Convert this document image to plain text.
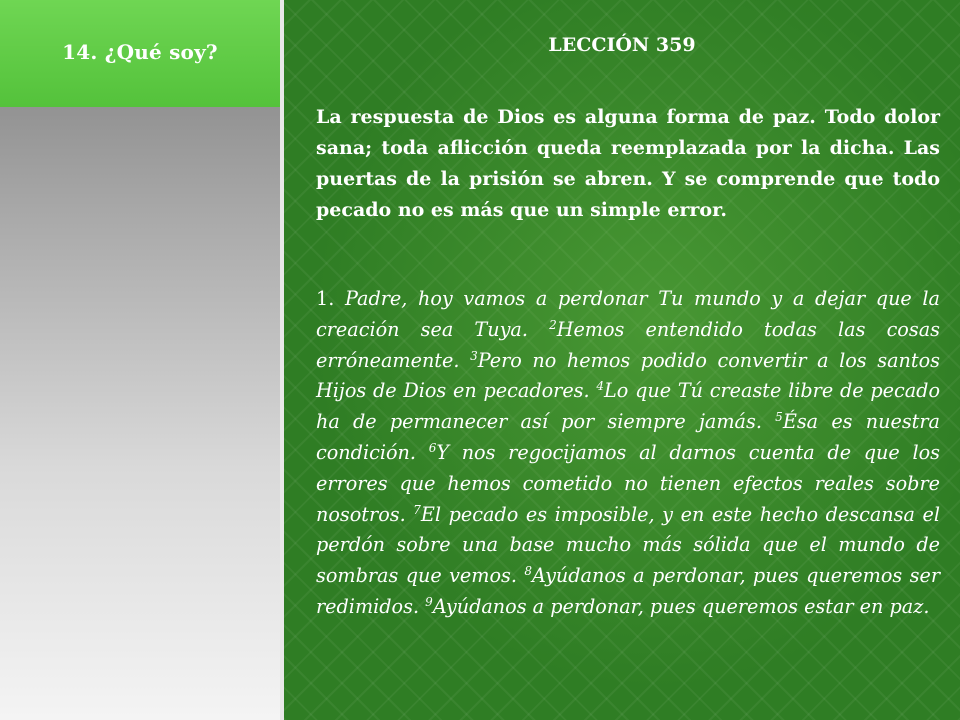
14. ¿Qué soy?	LECCIÓN 359
La respuesta de Dios es alguna forma de paz. Todo dolor sana; toda aflicción queda reemplazada por la dicha. Las puertas de la prisión se abren. Y se comprende que todo pecado no es más que un simple error.
1. Padre, hoy vamos a perdonar Tu mundo y a dejar que la creación sea Tuya. $^2$Hemos entendido todas las cosas erróneamente. $^3$Pero no hemos podido convertir a los santos Hijos de Dios en pecadores. $^4$Lo que Tú creaste libre de pecado ha de permanecer así por siempre jamás. $^5$Ésa es nuestra condición. $^6$Y nos regocijamos al darnos cuenta de que los errores que hemos cometido no tienen efectos reales sobre nosotros. $^7$El pecado es imposible, y en este hecho descansa el perdón sobre una base mucho más sólida que el mundo de sombras que vemos. $^8$Ayúdanos a perdonar, pues queremos ser redimidos. $^9$Ayúdanos a perdonar, pues queremos estar en paz.
